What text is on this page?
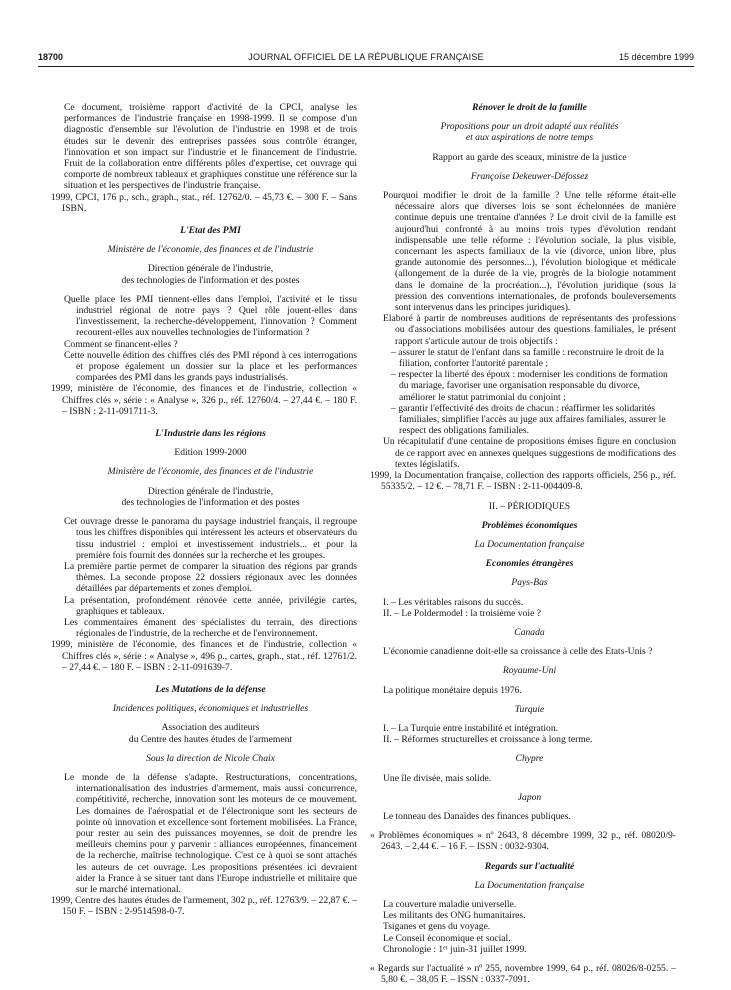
18700	JOURNAL OFFICIEL DE LA RÉPUBLIQUE FRANÇAISE	15 décembre 1999

Ce document, troisième rapport d'activité de la CPCI, analyse les performances de l'industrie française en 1998-1999. Il se compose d'un diagnostic d'ensemble sur l'évolution de l'industrie en 1998 et de trois études sur le devenir des entreprises passées sous contrôle étranger, l'innovation et son impact sur l'industrie et le financement de l'industrie. Fruit de la collaboration entre différents pôles d'expertise, cet ouvrage qui comporte de nombreux tableaux et graphiques constitue une référence sur la situation et les perspectives de l'industrie française.

1999, CPCI, 176 p., sch., graph., stat., réf. 12762/0. – 45,73 €. – 300 F. – Sans ISBN.

L'Etat des PMI

Ministère de l'économie, des finances et de l'industrie

Direction générale de l'industrie,

des technologies de l'information et des postes

Quelle place les PMI tiennent-elles dans l'emploi, l'activité et le tissu industriel régional de notre pays ? Quel rôle jouent-elles dans l'investissement, la recherche-développement, l'innovation ? Comment recourent-elles aux nouvelles technologies de l'information ?

Comment se financent-elles ?

Cette nouvelle édition des chiffres clés des PMI répond à ces interrogations et propose également un dossier sur la place et les performances comparées des PMI dans les grands pays industrialisés.

1999, ministère de l'économie, des finances et de l'industrie, collection « Chiffres clés », série : « Analyse », 326 p., réf. 12760/4. – 27,44 €. – 180 F. – ISBN : 2-11-091711-3.

L'Industrie dans les régions

Edition 1999-2000

Ministère de l'économie, des finances et de l'industrie

Direction générale de l'industrie,

des technologies de l'information et des postes

Cet ouvrage dresse le panorama du paysage industriel français, il regroupe tous les chiffres disponibles qui intéressent les acteurs et observateurs du tissu industriel : emploi et investissement industriels... et pour la première fois fournit des données sur la recherche et les groupes.

La première partie permet de comparer la situation des régions par grands thèmes. La seconde propose 22 dossiers régionaux avec les données détaillées par départements et zones d'emploi.

La présentation, profondément rénovée cette année, privilégie cartes, graphiques et tableaux.

Les commentaires émanent des spécialistes du terrain, des directions régionales de l'industrie, de la recherche et de l'environnement.

1999, ministère de l'économie, des finances et de l'industrie, collection « Chiffres clés », série : « Analyse », 496 p., cartes, graph., stat., réf. 12761/2. – 27,44 €. – 180 F. – ISBN : 2-11-091639-7.

Les Mutations de la défense

Incidences politiques, économiques et industrielles

Association des auditeurs

du Centre des hautes études de l'armement

Sous la direction de Nicole Chaix

Le monde de la défense s'adapte. Restructurations, concentrations, internationalisation des industries d'armement, mais aussi concurrence, compétitivité, recherche, innovation sont les moteurs de ce mouvement. Les domaines de l'aérospatial et de l'électronique sont les secteurs de pointe où innovation et excellence sont fortement mobilisées. La France, pour rester au sein des puissances moyennes, se doit de prendre les meilleurs chemins pour y parvenir : alliances européennes, financement de la recherche, maîtrise technologique. C'est ce à quoi se sont attachés les auteurs de cet ouvrage. Les propositions présentées ici devraient aider la France à se situer tant dans l'Europe industrielle et militaire que sur le marché international.

1999, Centre des hautes études de l'armement, 302 p., réf. 12763/9. – 22,87 €. – 150 F. – ISBN : 2-9514598-0-7.

Rénover le droit de la famille

Propositions pour un droit adapté aux réalités

et aux aspirations de notre temps

Rapport au garde des sceaux, ministre de la justice

Françoise Dekeuwer-Défossez

Pourquoi modifier le droit de la famille ? Une telle réforme était-elle nécessaire alors que diverses lois se sont échelonnées de manière continue depuis une trentaine d'années ? Le droit civil de la famille est aujourd'hui confronté à au moins trois types d'évolution rendant indispensable une telle réforme : l'évolution sociale, la plus visible, concernant les aspects familiaux de la vie (divorce, union libre, plus grande autonomie des personnes...), l'évolution biologique et médicale (allongement de la durée de la vie, progrès de la biologie notamment dans le domaine de la procréation...), l'évolution juridique (sous la pression des conventions internationales, de profonds bouleversements sont intervenus dans les principes juridiques).

Elaboré à partir de nombreuses auditions de représentants des professions ou d'associations mobilisées autour des questions familiales, le présent rapport s'articule autour de trois objectifs :

– assurer le statut de l'enfant dans sa famille : reconstruire le droit de la filiation, conforter l'autorité parentale ;
– respecter la liberté des époux : moderniser les conditions de formation du mariage, favoriser une organisation responsable du divorce, améliorer le statut patrimonial du conjoint ;
– garantir l'effectivité des droits de chacun : réaffirmer les solidarités familiales, simplifier l'accès au juge aux affaires familiales, assurer le respect des obligations familiales.

Un récapitulatif d'une centaine de propositions émises figure en conclusion de ce rapport avec en annexes quelques suggestions de modifications des textes législatifs.

1999, la Documentation française, collection des rapports officiels, 256 p., réf. 55335/2. – 12 €. – 78,71 F. – ISBN : 2-11-004409-8.

II. – PÉRIODIQUES

Problèmes économiques

La Documentation française

Economies étrangères

Pays-Bas

I. – Les véritables raisons du succès.

II. – Le Poldermodel : la troisième voie ?

Canada

L'économie canadienne doit-elle sa croissance à celle des Etats-Unis ?

Royaume-Uni

La politique monétaire depuis 1976.

Turquie

I. – La Turquie entre instabilité et intégration.

II. – Réformes structurelles et croissance à long terme.

Chypre

Une île divisée, mais solide.

Japon

Le tonneau des Danaïdes des finances publiques.

« Problèmes économiques » nº 2643, 8 décembre 1999, 32 p., réf. 08020/9-2643. – 2,44 €. – 16 F. – ISSN : 0032-9304.

Regards sur l'actualité

La Documentation française

La couverture maladie universelle.

Les militants des ONG humanitaires.

Tsiganes et gens du voyage.

Le Conseil économique et social.

Chronologie : 1ᵉʳ juin-31 juillet 1999.

« Regards sur l'actualité » nº 255, novembre 1999, 64 p., réf. 08026/8-0255. – 5,80 €. – 38,05 F. – ISSN : 0337-7091.
